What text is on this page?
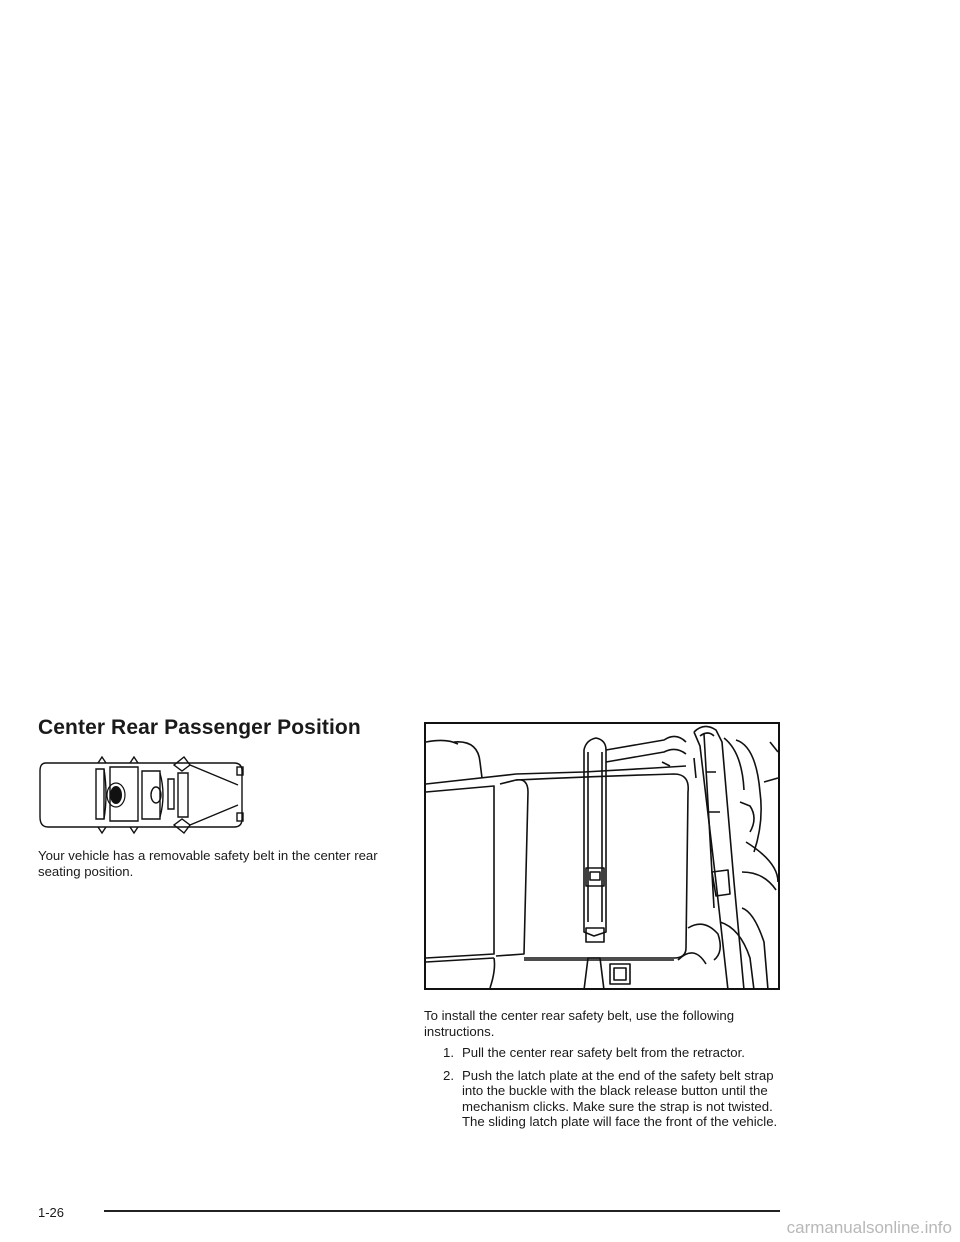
Center Rear Passenger Position

Your vehicle has a removable safety belt in the center rear seating position.

To install the center rear safety belt, use the following instructions.

1. Pull the center rear safety belt from the retractor.
2. Push the latch plate at the end of the safety belt strap into the buckle with the black release button until the mechanism clicks. Make sure the strap is not twisted. The sliding latch plate will face the front of the vehicle.
1-26
carmanualsonline.info
